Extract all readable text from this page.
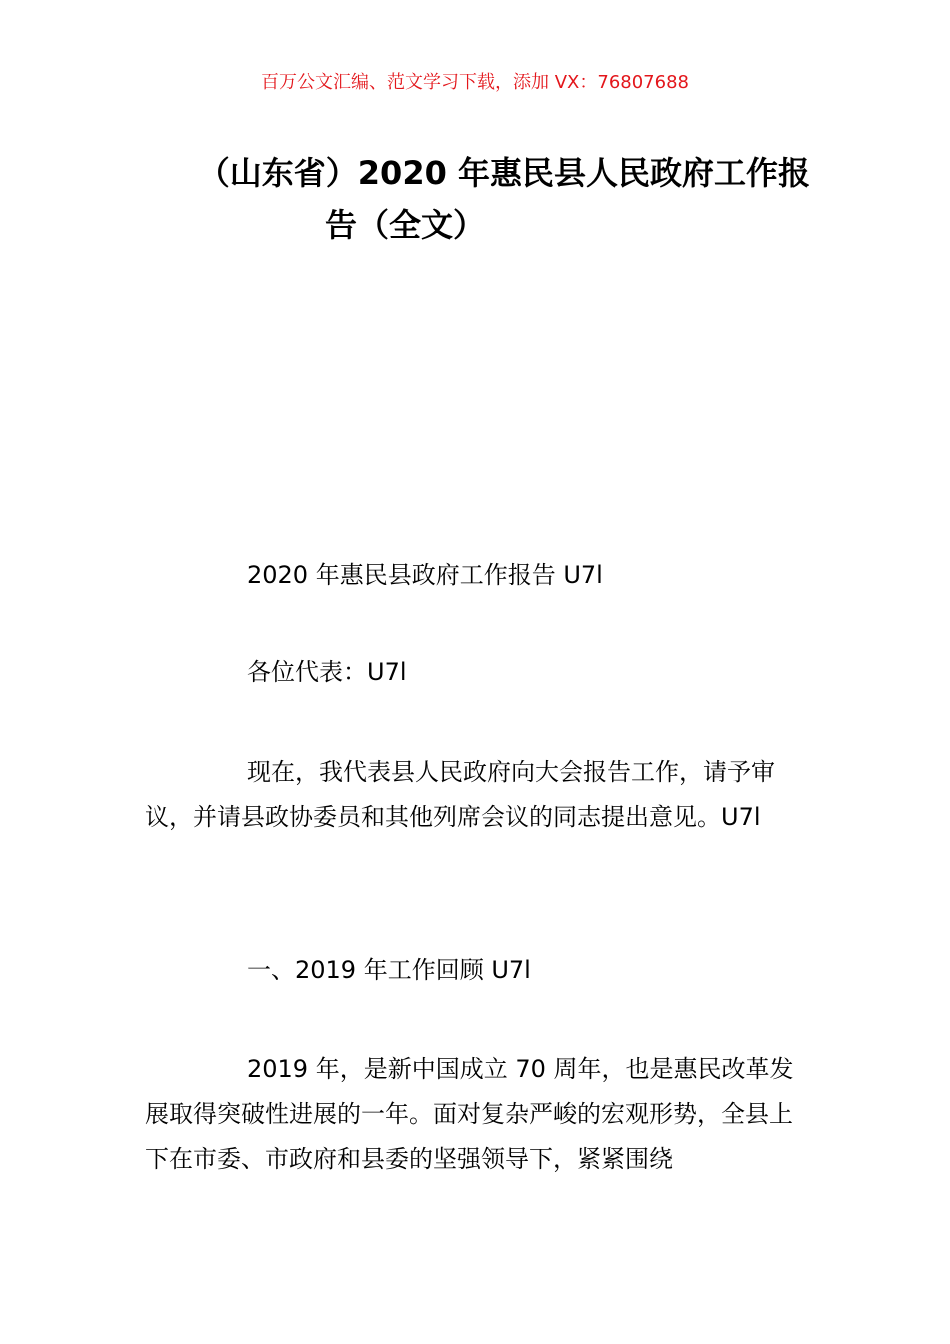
百万公文汇编、范文学习下载，添加 VX：76807688
（山东省）2020 年惠民县人民政府工作报
告（全文）
2020 年惠民县政府工作报告 U7l
各位代表：U7l
现在，我代表县人民政府向大会报告工作，请予审议，并请县政协委员和其他列席会议的同志提出意见。U7l
一、2019 年工作回顾 U7l
2019 年，是新中国成立 70 周年，也是惠民改革发展取得突破性进展的一年。面对复杂严峻的宏观形势，全县上下在市委、市政府和县委的坚强领导下，紧紧围绕
